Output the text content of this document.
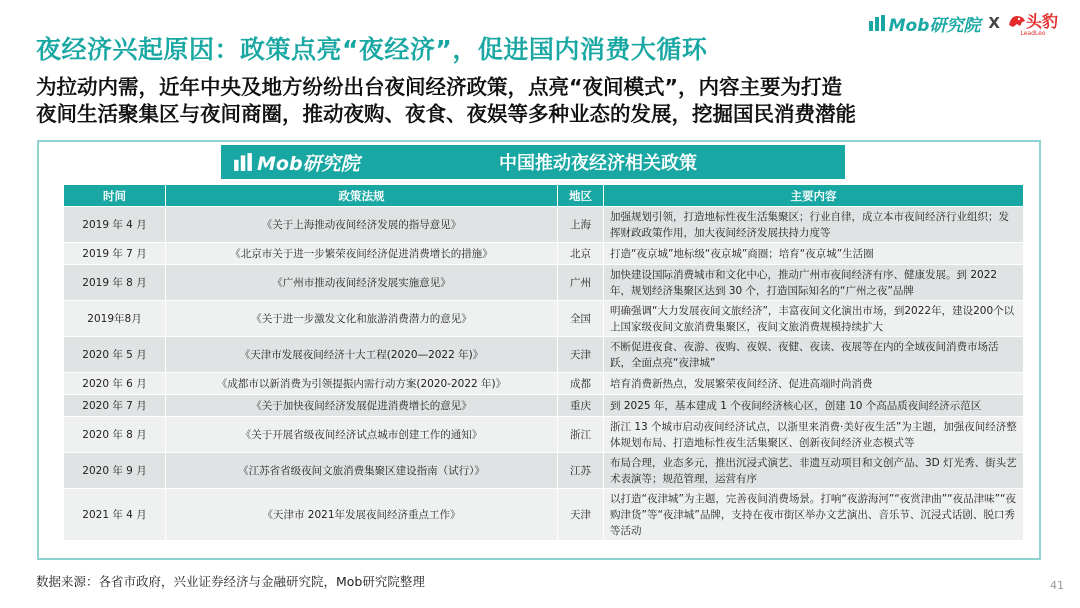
夜经济兴起原因：政策点亮“夜经济”，促进国内消费大循环
为拉动内需，近年中央及地方纷纷出台夜间经济政策，点亮“夜间模式”，内容主要为打造
夜间生活聚集区与夜间商圈，推动夜购、夜食、夜娱等多种业态的发展，挖掘国民消费潜能
Mob研究院 X 头豹
LeadLeo
Mob研究院	中国推动夜经济相关政策
时间	政策法规	地区	主要内容
2019 年 4 月	《关于上海推动夜间经济发展的指导意见》	上海	加强规划引领，打造地标性夜生活集聚区；行业自律，成立本市夜间经济行业组织；发挥财政政策作用，加大夜间经济发展扶持力度等
2019 年 7 月	《北京市关于进一步繁荣夜间经济促进消费增长的措施》	北京	打造“夜京城”地标级“夜京城”商圈；培育“夜京城”生活圈
2019 年 8 月	《广州市推动夜间经济发展实施意见》	广州	加快建设国际消费城市和文化中心，推动广州市夜间经济有序、健康发展。到 2022 年，规划经济集聚区达到 30 个，打造国际知名的“广州之夜”品牌
2019年8月	《关于进一步激发文化和旅游消费潜力的意见》	全国	明确强调“大力发展夜间文旅经济”，丰富夜间文化演出市场，到2022年，建设200个以上国家级夜间文旅消费集聚区，夜间文旅消费规模持续扩大
2020 年 5 月	《天津市发展夜间经济十大工程(2020—2022 年)》	天津	不断促进夜食、夜游、夜购、夜娱、夜健、夜读、夜展等在内的全域夜间消费市场活跃，全面点亮“夜津城”
2020 年 6 月	《成都市以新消费为引领提振内需行动方案(2020-2022 年)》	成都	培育消费新热点，发展繁荣夜间经济、促进高端时尚消费
2020 年 7 月	《关于加快夜间经济发展促进消费增长的意见》	重庆	到 2025 年，基本建成 1 个夜间经济核心区，创建 10 个高品质夜间经济示范区
2020 年 8 月	《关于开展省级夜间经济试点城市创建工作的通知》	浙江	浙江 13 个城市启动夜间经济试点，以浙里来消费·美好夜生活”为主题，加强夜间经济整体规划布局、打造地标性夜生活集聚区、创新夜间经济业态模式等
2020 年 9 月	《江苏省省级夜间文旅消费集聚区建设指南（试行）》	江苏	布局合理，业态多元，推出沉浸式演艺、非遗互动项目和文创产品、3D 灯光秀、街头艺术表演等；规范管理，运营有序
2021 年 4 月	《天津市 2021年发展夜间经济重点工作》	天津	以打造“夜津城”为主题，完善夜间消费场景。打响“夜游海河”“夜赏津曲”“夜品津味”“夜购津货”等“夜津城”品牌，支持在夜市街区举办文艺演出、音乐节、沉浸式话剧、脱口秀等活动
数据来源：各省市政府，兴业证券经济与金融研究院，Mob研究院整理	41
